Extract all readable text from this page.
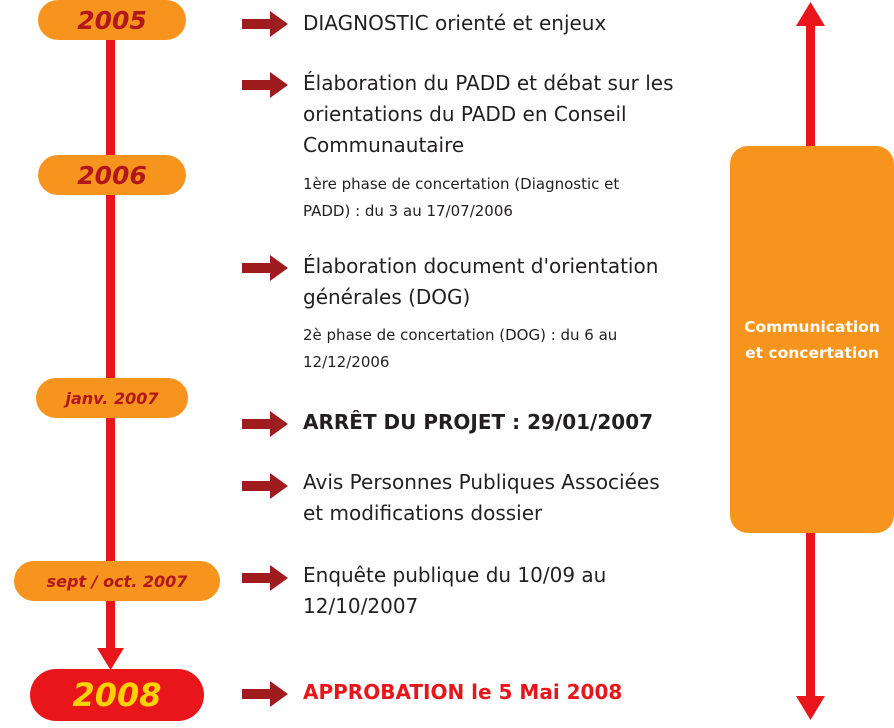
2005
2006
janv. 2007
sept / oct. 2007
2008
DIAGNOSTIC orienté et enjeux
Élaboration du PADD et débat sur les
orientations du PADD en Conseil
Communautaire
1ère phase de concertation (Diagnostic et
PADD) : du 3 au 17/07/2006
Élaboration document d'orientation
générales (DOG)
2è phase de concertation (DOG) : du 6 au
12/12/2006
ARRÊT DU PROJET : 29/01/2007
Avis Personnes Publiques Associées
et modifications dossier
Enquête publique du 10/09 au
12/10/2007
APPROBATION le 5 Mai 2008
Communication
et concertation
